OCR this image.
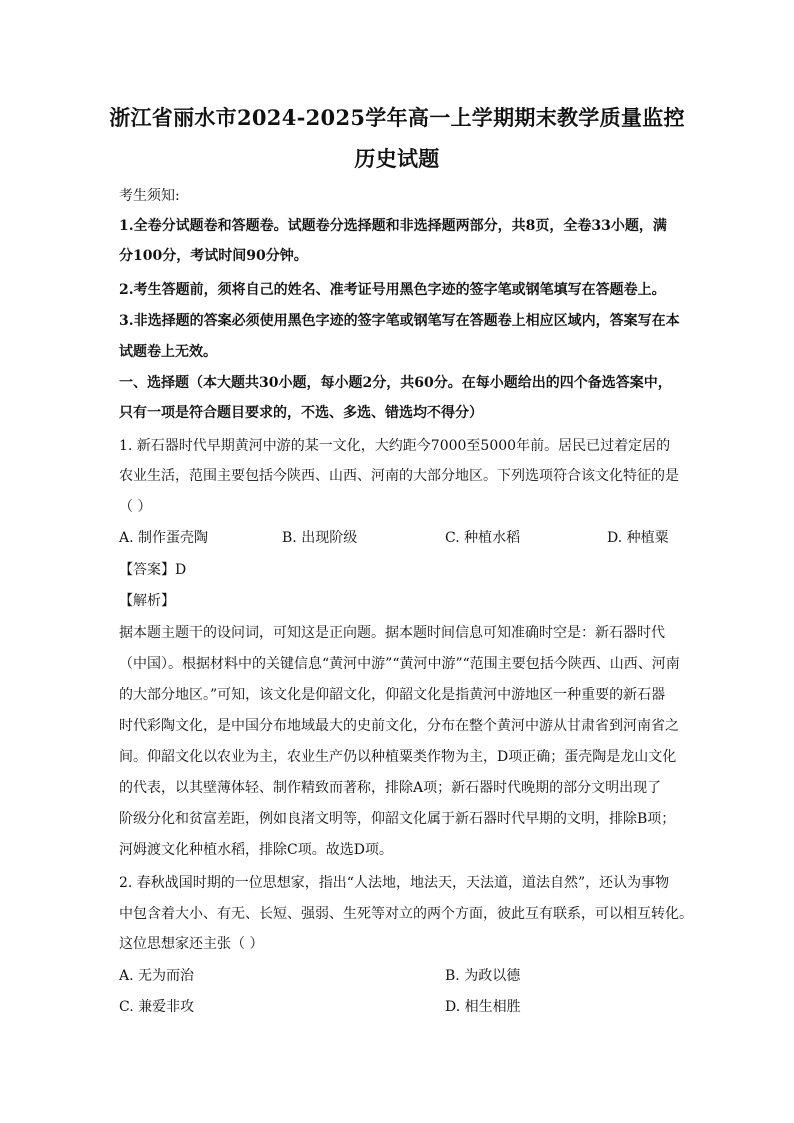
浙江省丽水市2024-2025学年高一上学期期末教学质量监控
历史试题
考生须知:
1.全卷分试题卷和答题卷。试题卷分选择题和非选择题两部分，共8页，全卷33小题，满
分100分，考试时间90分钟。
2.考生答题前，须将自己的姓名、准考证号用黑色字迹的签字笔或钢笔填写在答题卷上。
3.非选择题的答案必须使用黑色字迹的签字笔或钢笔写在答题卷上相应区域内，答案写在本
试题卷上无效。
一、选择题（本大题共30小题，每小题2分，共60分。在每小题给出的四个备选答案中，
只有一项是符合题目要求的，不选、多选、错选均不得分）
1. 新石器时代早期黄河中游的某一文化，大约距今7000至5000年前。居民已过着定居的
农业生活，范围主要包括今陕西、山西、河南的大部分地区。下列选项符合该文化特征的是
（ ）
A. 制作蛋壳陶	B. 出现阶级	C. 种植水稻	D. 种植粟
【答案】D
【解析】
据本题主题干的设问词，可知这是正向题。据本题时间信息可知准确时空是：新石器时代
（中国）。根据材料中的关键信息“黄河中游”“黄河中游”“范围主要包括今陕西、山西、河南
的大部分地区。”可知，该文化是仰韶文化，仰韶文化是指黄河中游地区一种重要的新石器
时代彩陶文化，是中国分布地域最大的史前文化，分布在整个黄河中游从甘肃省到河南省之
间。仰韶文化以农业为主，农业生产仍以种植粟类作物为主，D项正确；蛋壳陶是龙山文化
的代表，以其壁薄体轻、制作精致而著称，排除A项；新石器时代晚期的部分文明出现了
阶级分化和贫富差距，例如良渚文明等，仰韶文化属于新石器时代早期的文明，排除B项；
河姆渡文化种植水稻，排除C项。故选D项。
2. 春秋战国时期的一位思想家，指出“人法地，地法天，天法道，道法自然”，还认为事物
中包含着大小、有无、长短、强弱、生死等对立的两个方面，彼此互有联系，可以相互转化。
这位思想家还主张（ ）
A. 无为而治	B. 为政以德
C. 兼爱非攻	D. 相生相胜
